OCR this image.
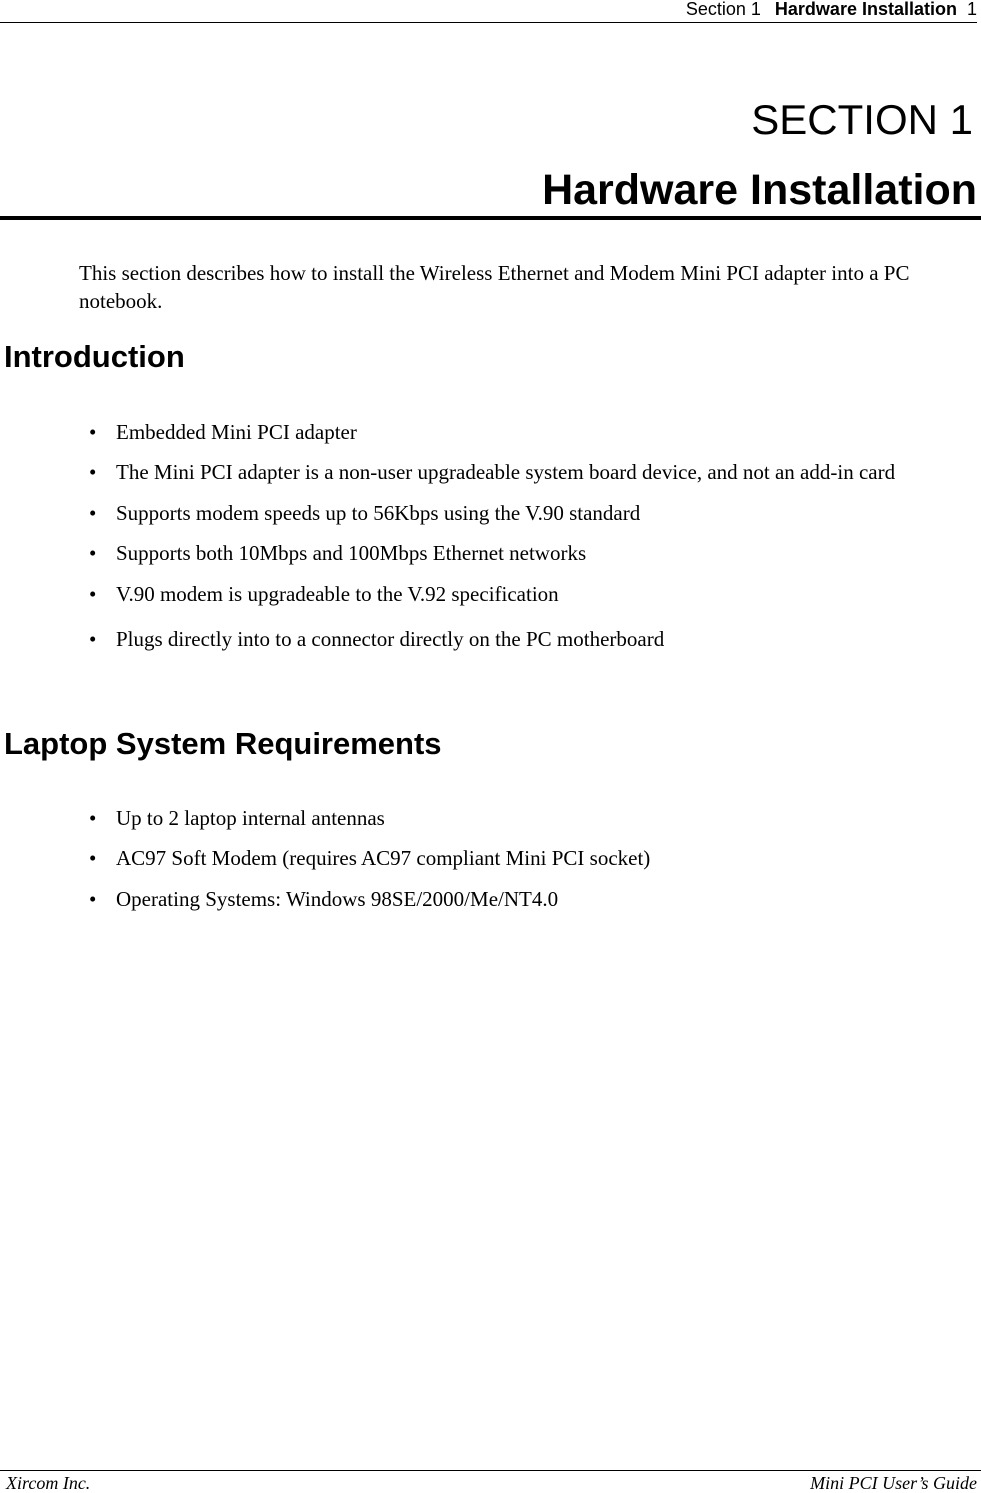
Section 1 Hardware Installation 1
SECTION 1
Hardware Installation

This section describes how to install the Wireless Ethernet and Modem Mini PCI adapter into a PC notebook.

Introduction
• Embedded Mini PCI adapter
• The Mini PCI adapter is a non-user upgradeable system board device, and not an add-in card
• Supports modem speeds up to 56Kbps using the V.90 standard
• Supports both 10Mbps and 100Mbps Ethernet networks
• V.90 modem is upgradeable to the V.92 specification
• Plugs directly into to a connector directly on the PC motherboard
Laptop System Requirements
• Up to 2 laptop internal antennas
• AC97 Soft Modem (requires AC97 compliant Mini PCI socket)
• Operating Systems: Windows 98SE/2000/Me/NT4.0
Xircom Inc.	Mini PCI User’s Guide
